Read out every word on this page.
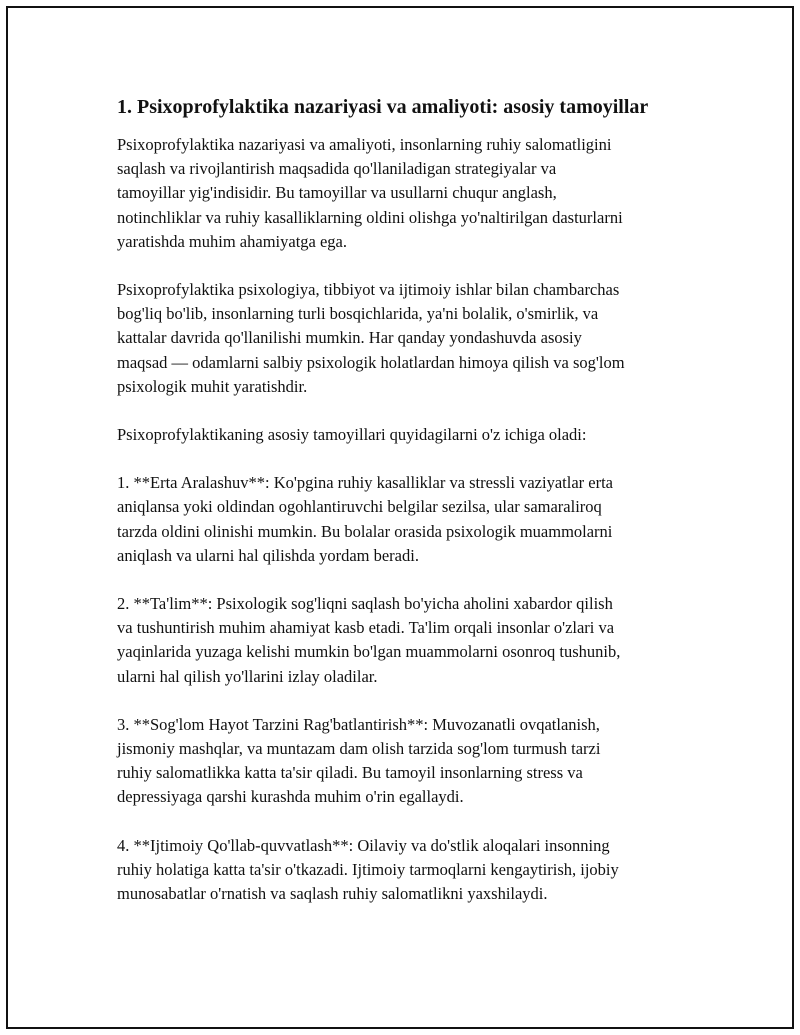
1. Psixoprofylaktika nazariyasi va amaliyoti: asosiy tamoyillar

Psixoprofylaktika nazariyasi va amaliyoti, insonlarning ruhiy salomatligini
saqlash va rivojlantirish maqsadida qo'llaniladigan strategiyalar va
tamoyillar yig'indisidir. Bu tamoyillar va usullarni chuqur anglash,
notinchliklar va ruhiy kasalliklarning oldini olishga yo'naltirilgan dasturlarni
yaratishda muhim ahamiyatga ega.

Psixoprofylaktika psixologiya, tibbiyot va ijtimoiy ishlar bilan chambarchas
bog'liq bo'lib, insonlarning turli bosqichlarida, ya'ni bolalik, o'smirlik, va
kattalar davrida qo'llanilishi mumkin. Har qanday yondashuvda asosiy
maqsad — odamlarni salbiy psixologik holatlardan himoya qilish va sog'lom
psixologik muhit yaratishdir.

Psixoprofylaktikaning asosiy tamoyillari quyidagilarni o'z ichiga oladi:

1. **Erta Aralashuv**: Ko'pgina ruhiy kasalliklar va stressli vaziyatlar erta
aniqlansa yoki oldindan ogohlantiruvchi belgilar sezilsa, ular samaraliroq
tarzda oldini olinishi mumkin. Bu bolalar orasida psixologik muammolarni
aniqlash va ularni hal qilishda yordam beradi.

2. **Ta'lim**: Psixologik sog'liqni saqlash bo'yicha aholini xabardor qilish
va tushuntirish muhim ahamiyat kasb etadi. Ta'lim orqali insonlar o'zlari va
yaqinlarida yuzaga kelishi mumkin bo'lgan muammolarni osonroq tushunib,
ularni hal qilish yo'llarini izlay oladilar.

3. **Sog'lom Hayot Tarzini Rag'batlantirish**: Muvozanatli ovqatlanish,
jismoniy mashqlar, va muntazam dam olish tarzida sog'lom turmush tarzi
ruhiy salomatlikka katta ta'sir qiladi. Bu tamoyil insonlarning stress va
depressiyaga qarshi kurashda muhim o'rin egallaydi.

4. **Ijtimoiy Qo'llab-quvvatlash**: Oilaviy va do'stlik aloqalari insonning
ruhiy holatiga katta ta'sir o'tkazadi. Ijtimoiy tarmoqlarni kengaytirish, ijobiy
munosabatlar o'rnatish va saqlash ruhiy salomatlikni yaxshilaydi.
